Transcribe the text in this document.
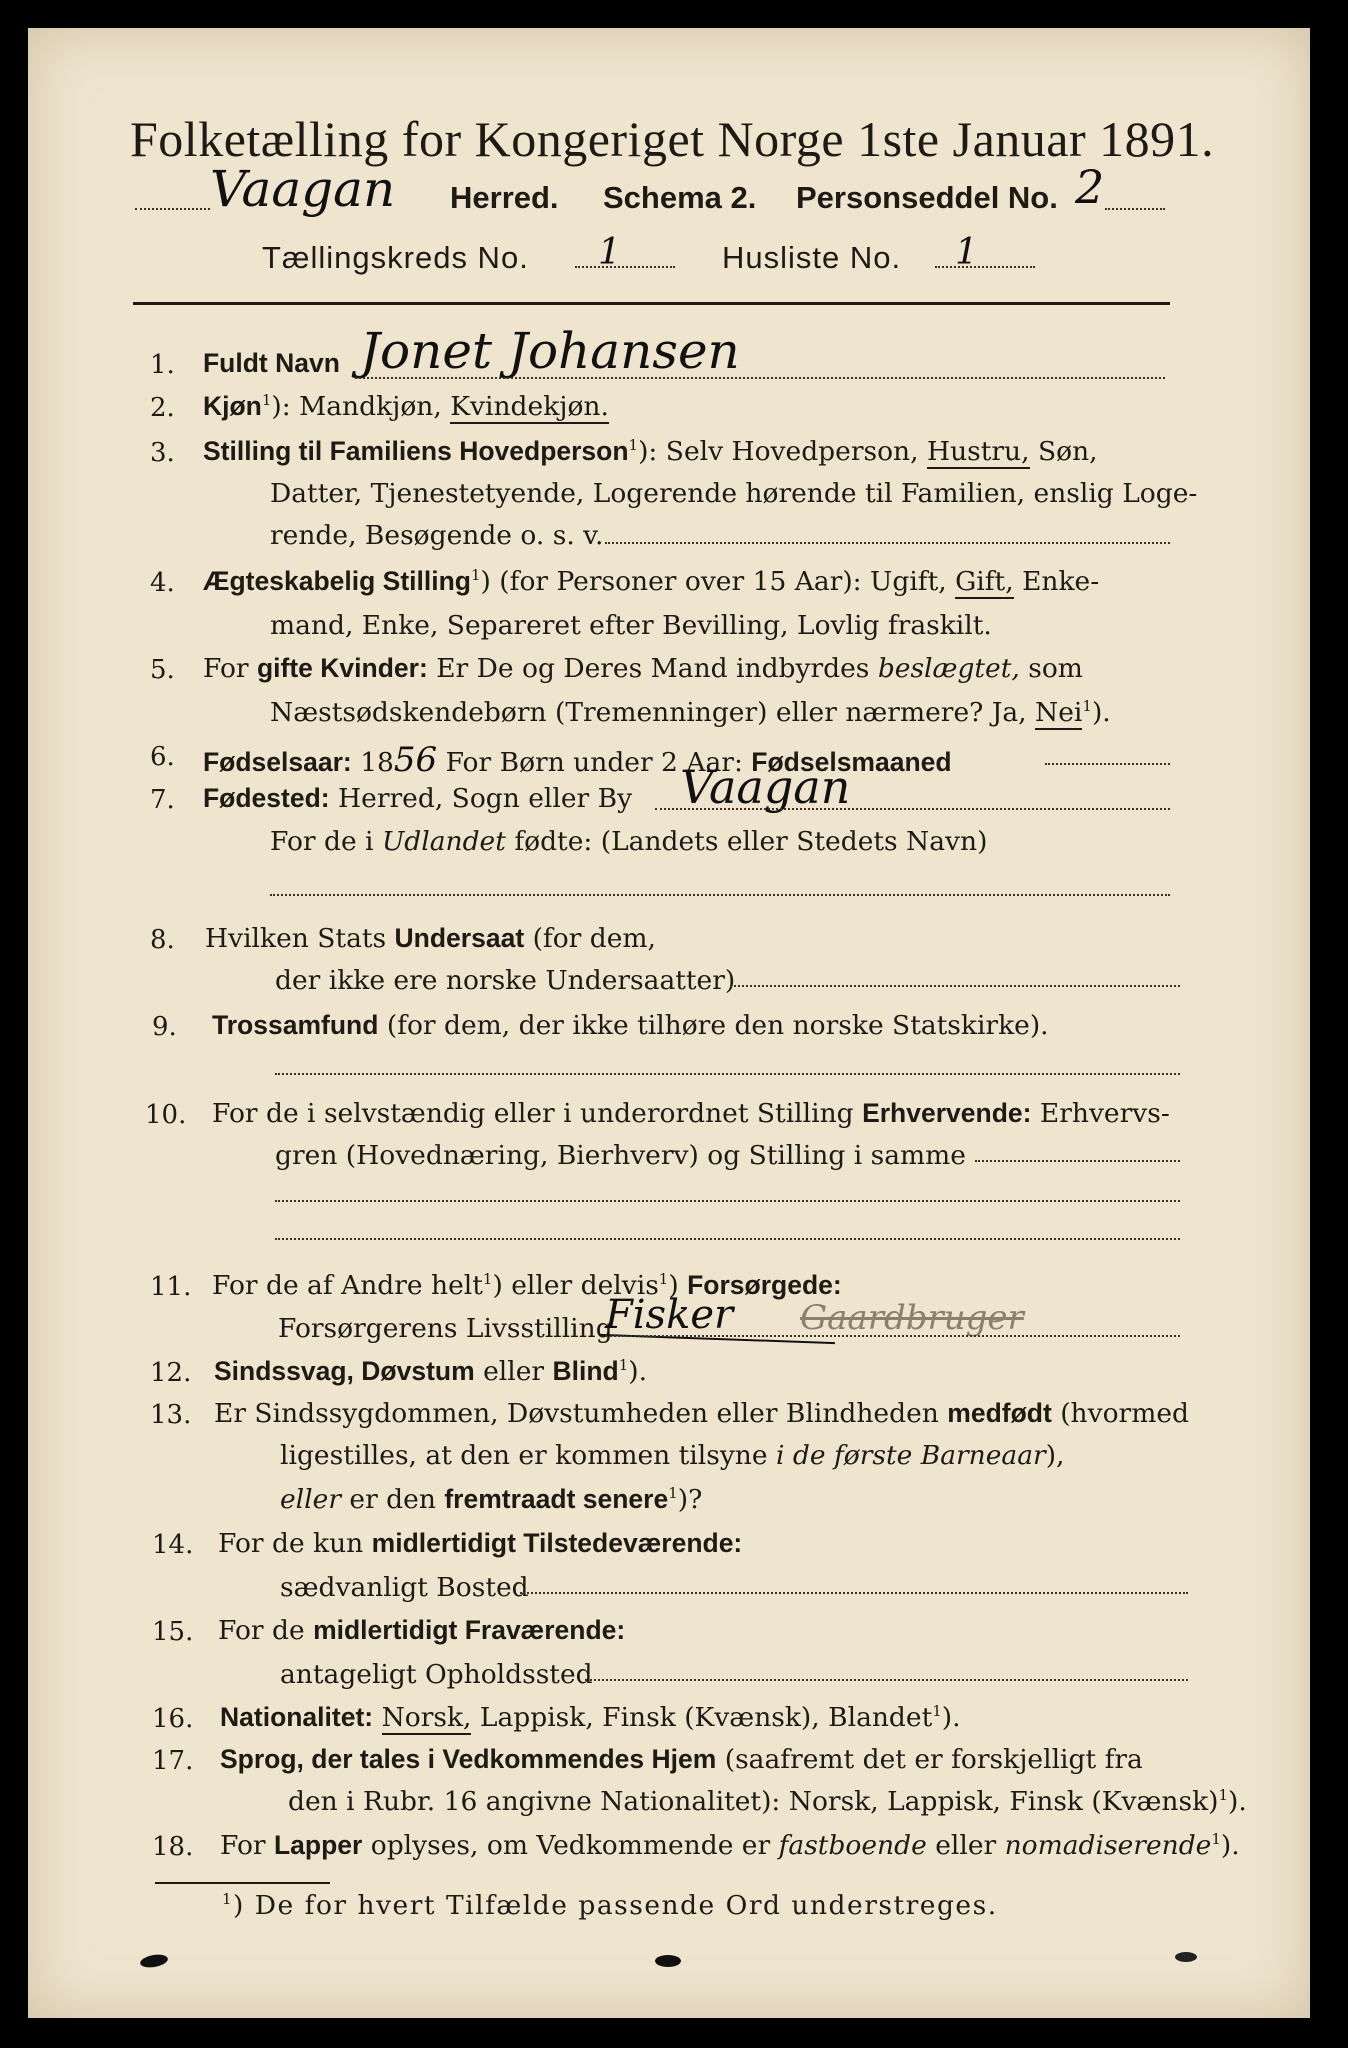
Folketælling for Kongeriget Norge 1ste Januar 1891.
Vaagan Herred. Schema 2. Personseddel No. 2
Tællingskreds No. 1	Husliste No. 1
1. Fuldt Navn Jonet Johansen
2. Kjøn$^1$): Mandkjøn, Kvindekjøn.
3. Stilling til Familiens Hovedperson$^1$): Selv Hovedperson, Hustru, Søn,
Datter, Tjenestetyende, Logerende hørende til Familien, enslig Loge-
rende, Besøgende o. s. v.
4. Ægteskabelig Stilling$^1$) (for Personer over 15 Aar): Ugift, Gift, Enke-
mand, Enke, Separeret efter Bevilling, Lovlig fraskilt.
5. For gifte Kvinder: Er De og Deres Mand indbyrdes beslægtet, som
Næstsødskendebørn (Tremenninger) eller nærmere? Ja, Nei$^1$).
6. Fødselsaar: 1856 For Børn under 2 Aar: Fødselsmaaned
7. Fødested: Herred, Sogn eller By Vaagan
For de i Udlandet fødte: (Landets eller Stedets Navn)
8. Hvilken Stats Undersaat (for dem,
der ikke ere norske Undersaatter)
9. Trossamfund (for dem, der ikke tilhøre den norske Statskirke).
10. For de i selvstændig eller i underordnet Stilling Erhvervende: Erhvervs-
gren (Hovednæring, Bierhverv) og Stilling i samme
11. For de af Andre helt$^1$) eller delvis$^1$) Forsørgede:
Forsørgerens Livsstilling
Fisker Gaardbruger
12. Sindssvag, Døvstum eller Blind$^1$).
13. Er Sindssygdommen, Døvstumheden eller Blindheden medfødt (hvormed
ligestilles, at den er kommen tilsyne i de første Barneaar),
eller er den fremtraadt senere$^1$)?
14. For de kun midlertidigt Tilstedeværende:
sædvanligt Bosted
15. For de midlertidigt Fraværende:
antageligt Opholdssted
16. Nationalitet: Norsk, Lappisk, Finsk (Kvænsk), Blandet$^1$).
17. Sprog, der tales i Vedkommendes Hjem (saafremt det er forskjelligt fra
den i Rubr. 16 angivne Nationalitet): Norsk, Lappisk, Finsk (Kvænsk)$^1$).
18. For Lapper oplyses, om Vedkommende er fastboende eller nomadiserende$^1$).
$^1$) De for hvert Tilfælde passende Ord understreges.
